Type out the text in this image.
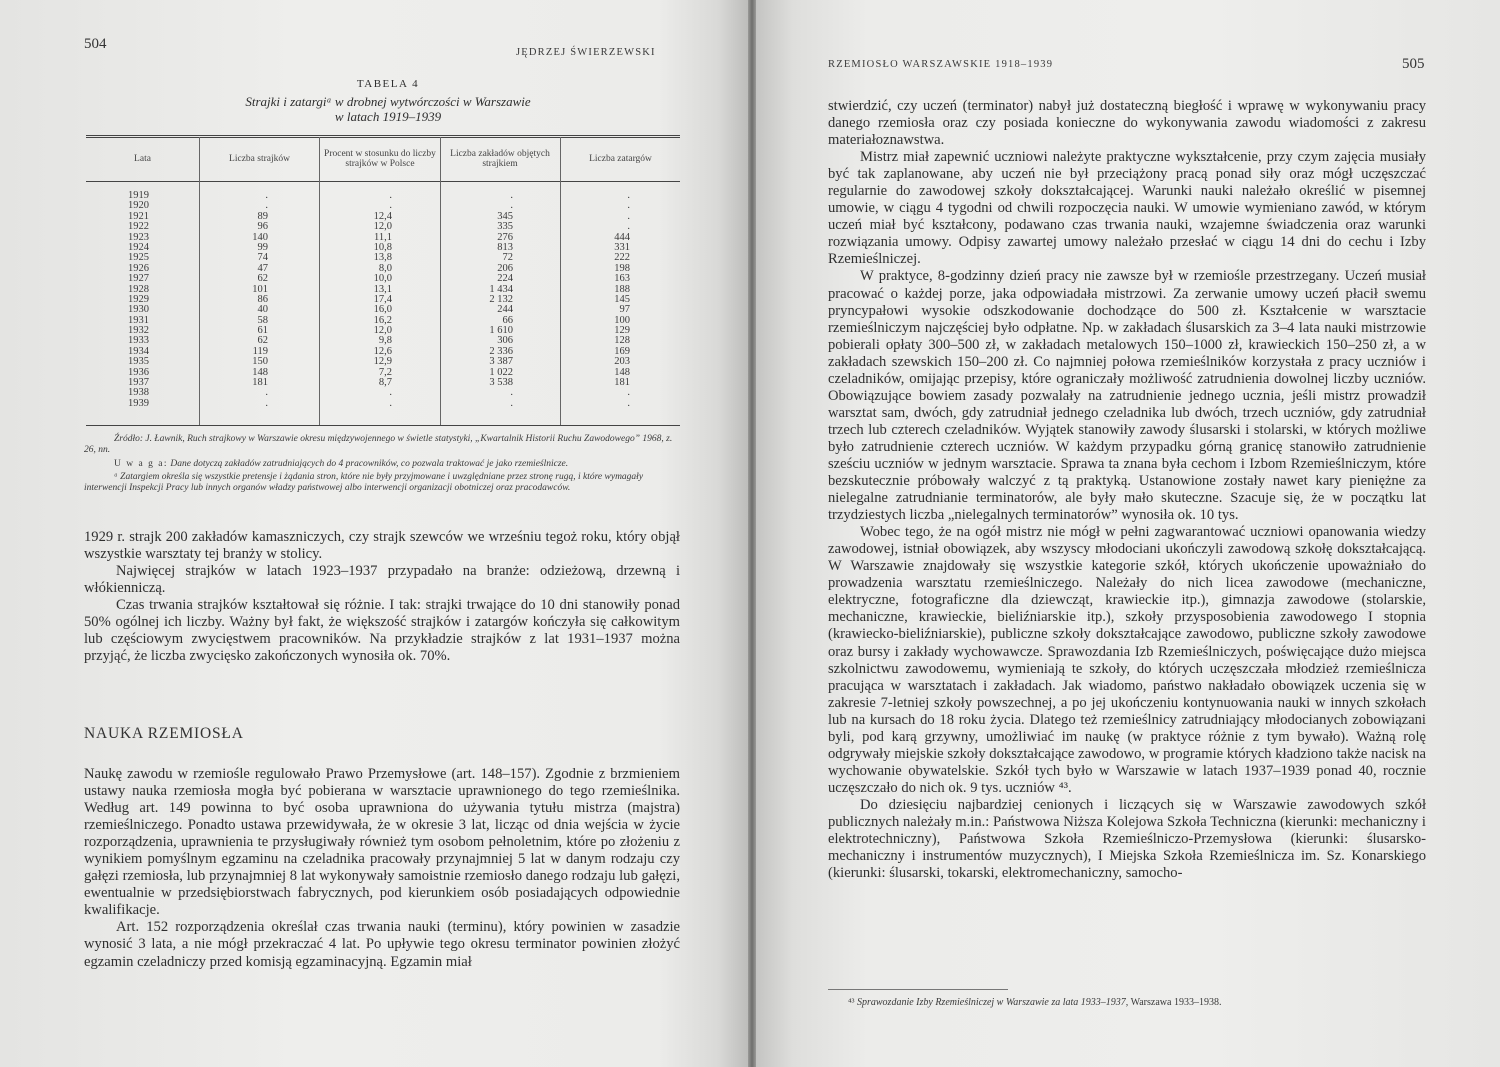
504
JĘDRZEJ ŚWIERZEWSKI
TABELA 4
Strajki i zatargiᵃ w drobnej wytwórczości w Warszawie
w latach 1919–1939
Lata	Liczba strajków
Procent w stosunku do liczby strajków w Polsce
Liczba zakładów objętych strajkiem
Liczba zatargów
1919
1920
1921
1922
1923
1924
1925
1926
1927
1928
1929
1930
1931
1932
1933
1934
1935
1936
1937
1938
1939
.
.
89
96
140
99
74
47
62
101
86
40
58
61
62
119
150
148
181
.
.
.
.
12,4
12,0
11,1
10,8
13,8
8,0
10,0
13,1
17,4
16,0
16,2
12,0
9,8
12,6
12,9
7,2
8,7
.
.
.
.
345
335
276
813
72
206
224
1 434
2 132
244
66
1 610
306
2 336
3 387
1 022
3 538
.
.
.
.
.
.
444
331
222
198
163
188
145
97
100
129
128
169
203
148
181
.
.
Źródło: J. Ławnik, Ruch strajkowy w Warszawie okresu międzywojennego w świetle statystyki, „Kwartalnik Historii Ruchu Zawodowego” 1968, z. 26, nn.
U w a g a: Dane dotyczą zakładów zatrudniających do 4 pracowników, co pozwala traktować je jako rzemieślnicze.
ᵃ Zatargiem określa się wszystkie pretensje i żądania stron, które nie były przyjmowane i uwzględniane przez stronę rugą, i które wymagały interwencji Inspekcji Pracy lub innych organów władzy państwowej albo interwencji organizacji obotniczej oraz pracodawców.

1929 r. strajk 200 zakładów kamaszniczych, czy strajk szewców we wrześniu tegoż roku, który objął wszystkie warsztaty tej branży w stolicy.

Najwięcej strajków w latach 1923–1937 przypadało na branże: odzieżową, drzewną i włókienniczą.

Czas trwania strajków kształtował się różnie. I tak: strajki trwające do 10 dni stanowiły ponad 50% ogólnej ich liczby. Ważny był fakt, że większość strajków i zatargów kończyła się całkowitym lub częściowym zwycięstwem pracowników. Na przykładzie strajków z lat 1931–1937 można przyjąć, że liczba zwycięsko zakończonych wynosiła ok. 70%.

NAUKA RZEMIOSŁA

Naukę zawodu w rzemiośle regulowało Prawo Przemysłowe (art. 148–157). Zgodnie z brzmieniem ustawy nauka rzemiosła mogła być pobierana w warsztacie uprawnionego do tego rzemieślnika. Według art. 149 powinna to być osoba uprawniona do używania tytułu mistrza (majstra) rzemieślniczego. Ponadto ustawa przewidywała, że w okresie 3 lat, licząc od dnia wejścia w życie rozporządzenia, uprawnienia te przysługiwały również tym osobom pełnoletnim, które po złożeniu z wynikiem pomyślnym egzaminu na czeladnika pracowały przynajmniej 5 lat w danym rodzaju czy gałęzi rzemiosła, lub przynajmniej 8 lat wykonywały samoistnie rzemiosło danego rodzaju lub gałęzi, ewentualnie w przedsiębiorstwach fabrycznych, pod kierunkiem osób posiadających odpowiednie kwalifikacje.

Art. 152 rozporządzenia określał czas trwania nauki (terminu), który powinien w zasadzie wynosić 3 lata, a nie mógł przekraczać 4 lat. Po upływie tego okresu terminator powinien złożyć egzamin czeladniczy przed komisją egzaminacyjną. Egzamin miał

RZEMIOSŁO WARSZAWSKIE 1918–1939	505

stwierdzić, czy uczeń (terminator) nabył już dostateczną biegłość i wprawę w wykonywaniu pracy danego rzemiosła oraz czy posiada konieczne do wykonywania zawodu wiadomości z zakresu materiałoznawstwa.

Mistrz miał zapewnić uczniowi należyte praktyczne wykształcenie, przy czym zajęcia musiały być tak zaplanowane, aby uczeń nie był przeciążony pracą ponad siły oraz mógł uczęszczać regularnie do zawodowej szkoły dokształcającej. Warunki nauki należało określić w pisemnej umowie, w ciągu 4 tygodni od chwili rozpoczęcia nauki. W umowie wymieniano zawód, w którym uczeń miał być kształcony, podawano czas trwania nauki, wzajemne świadczenia oraz warunki rozwiązania umowy. Odpisy zawartej umowy należało przesłać w ciągu 14 dni do cechu i Izby Rzemieślniczej.

W praktyce, 8-godzinny dzień pracy nie zawsze był w rzemiośle przestrzegany. Uczeń musiał pracować o każdej porze, jaka odpowiadała mistrzowi. Za zerwanie umowy uczeń płacił swemu pryncypałowi wysokie odszkodowanie dochodzące do 500 zł. Kształcenie w warsztacie rzemieślniczym najczęściej było odpłatne. Np. w zakładach ślusarskich za 3–4 lata nauki mistrzowie pobierali opłaty 300–500 zł, w zakładach metalowych 150–1000 zł, krawieckich 150–250 zł, a w zakładach szewskich 150–200 zł. Co najmniej połowa rzemieślników korzystała z pracy uczniów i czeladników, omijając przepisy, które ograniczały możliwość zatrudnienia dowolnej liczby uczniów. Obowiązujące bowiem zasady pozwalały na zatrudnienie jednego ucznia, jeśli mistrz prowadził warsztat sam, dwóch, gdy zatrudniał jednego czeladnika lub dwóch, trzech uczniów, gdy zatrudniał trzech lub czterech czeladników. Wyjątek stanowiły zawody ślusarski i stolarski, w których możliwe było zatrudnienie czterech uczniów. W każdym przypadku górną granicę stanowiło zatrudnienie sześciu uczniów w jednym warsztacie. Sprawa ta znana była cechom i Izbom Rzemieślniczym, które bezskutecznie próbowały walczyć z tą praktyką. Ustanowione zostały nawet kary pieniężne za nielegalne zatrudnianie terminatorów, ale były mało skuteczne. Szacuje się, że w początku lat trzydziestych liczba „nielegalnych terminatorów” wynosiła ok. 10 tys.

Wobec tego, że na ogół mistrz nie mógł w pełni zagwarantować uczniowi opanowania wiedzy zawodowej, istniał obowiązek, aby wszyscy młodociani ukończyli zawodową szkołę dokształcającą. W Warszawie znajdowały się wszystkie kategorie szkół, których ukończenie upoważniało do prowadzenia warsztatu rzemieślniczego. Należały do nich licea zawodowe (mechaniczne, elektryczne, fotograficzne dla dziewcząt, krawieckie itp.), gimnazja zawodowe (stolarskie, mechaniczne, krawieckie, bieliźniarskie itp.), szkoły przysposobienia zawodowego I stopnia (krawiecko-bieliźniarskie), publiczne szkoły dokształcające zawodowo, publiczne szkoły zawodowe oraz bursy i zakłady wychowawcze. Sprawozdania Izb Rzemieślniczych, poświęcające dużo miejsca szkolnictwu zawodowemu, wymieniają te szkoły, do których uczęszczała młodzież rzemieślnicza pracująca w warsztatach i zakładach. Jak wiadomo, państwo nakładało obowiązek uczenia się w zakresie 7-letniej szkoły powszechnej, a po jej ukończeniu kontynuowania nauki w innych szkołach lub na kursach do 18 roku życia. Dlatego też rzemieślnicy zatrudniający młodocianych zobowiązani byli, pod karą grzywny, umożliwiać im naukę (w praktyce różnie z tym bywało). Ważną rolę odgrywały miejskie szkoły dokształcające zawodowo, w programie których kładziono także nacisk na wychowanie obywatelskie. Szkół tych było w Warszawie w latach 1937–1939 ponad 40, rocznie uczęszczało do nich ok. 9 tys. uczniów ⁴³.

Do dziesięciu najbardziej cenionych i liczących się w Warszawie zawodowych szkół publicznych należały m.in.: Państwowa Niższa Kolejowa Szkoła Techniczna (kierunki: mechaniczny i elektrotechniczny), Państwowa Szkoła Rzemieślniczo-Przemysłowa (kierunki: ślusarsko-mechaniczny i instrumentów muzycznych), I Miejska Szkoła Rzemieślnicza im. Sz. Konarskiego (kierunki: ślusarski, tokarski, elektromechaniczny, samocho-

⁴³ Sprawozdanie Izby Rzemieślniczej w Warszawie za lata 1933–1937, Warszawa 1933–1938.
